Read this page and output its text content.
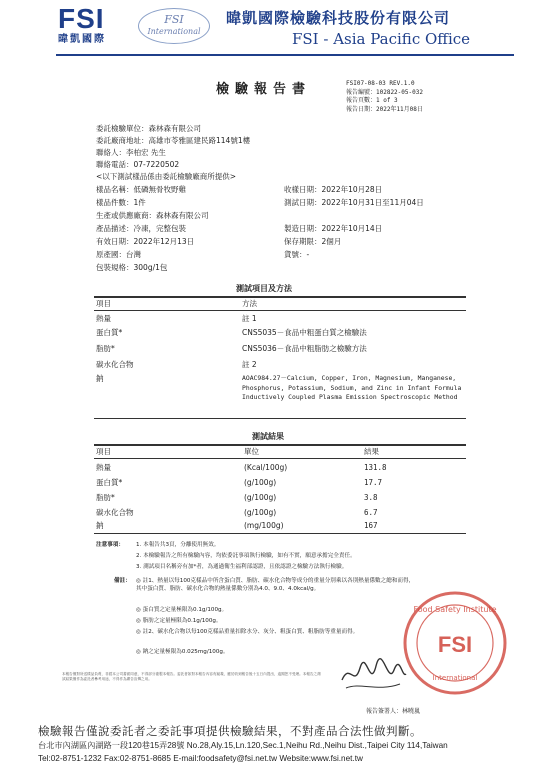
FSI
暐凱國際
FSI
International
暐凱國際檢驗科技股份有限公司
FSI - Asia Pacific Office
檢驗報告書	FSI07-08-03 REV.1.0
報告編號：102822-05-032
報告頁數：1 of 3
報告日期：2022年11月08日
委託檢驗單位：森林森有限公司
委託廠商地址：高雄市苓雅區建民路114號1樓
聯絡人：李柏宏 先生
聯絡電話：07-7220502
<以下測試樣品係由委託檢驗廠商所提供>
樣品名稱：低磷無骨牧野雞	收樣日期：2022年10月28日
樣品件數：1件	測試日期：2022年10月31日至11月04日
生產或供應廠商：森林森有限公司
產品描述：冷凍，完整包裝	製造日期：2022年10月14日
有效日期：2022年12月13日	保存期限：2個月
原產國：台灣	貨號：-
包裝規格：300g/1包
測試項目及方法
項目	方法
熱量	註 1
蛋白質*	CNS5035－食品中粗蛋白質之檢驗法
脂肪*	CNS5036－食品中粗脂肪之檢驗方法
碳水化合物	註 2
鈉	AOAC984.27－Calcium, Copper, Iron, Magnesium, Manganese, Phosphorus, Potassium, Sodium, and Zinc in Infant Formula Inductively Coupled Plasma Emission Spectroscopic Method
測試結果
項目	單位	結果
熱量	(Kcal/100g)	131.8
蛋白質*	(g/100g)	17.7
脂肪*	(g/100g)	3.8
碳水化合物	(g/100g)	6.7
鈉	(mg/100g)	167
注意事項： 1. 本報告共3頁，分離使用無效。
2. 本檢驗報告之所有檢驗內容，均依委託事項執行檢驗，如有不實，願意承擔完全責任。
3. 測試項目名稱旁有加*者，為通過衛生福利部認證，且依認證之檢驗方法執行檢驗。
備註： ◎ 註1、熱量以每100克樣品中所含蛋白質、脂肪、碳水化合物等成分的重量分別乘以各別熱量係數之總和而得，其中蛋白質、脂肪、碳水化合物的熱量係數分別為4.0、9.0、4.0kcal/g。
◎ 蛋白質之定量極限為0.1g/100g。
◎ 脂肪之定量極限為0.1g/100g。
◎ 註2、碳水化合物以每100克樣品重量扣除水分、灰分、粗蛋白質、粗脂肪等重量而得。
◎ 鈉之定量極限為0.025mg/100g。
本報告僅對所送樣品負責，非經本公司書面同意，不得部分複製本報告。委託者如對本報告內容有疑義，應於收到報告後十五日內提出，逾期恕不受理。本報告之測試結果僅作為委託者參考用途，不得作為廣告宣傳之用。
Food Safety Institute
FSI
International
報告簽署人：林曉嵐
檢驗報告僅說委託者之委託事項提供檢驗結果，不對產品合法性做判斷。
台北市內湖區內湖路一段120巷15弄28號 No.28,Aly.15,Ln.120,Sec.1,Neihu Rd.,Neihu Dist.,Taipei City 114,Taiwan
Tel:02-8751-1232 Fax:02-8751-8685 E-mail:foodsafety@fsi.net.tw Website:www.fsi.net.tw
